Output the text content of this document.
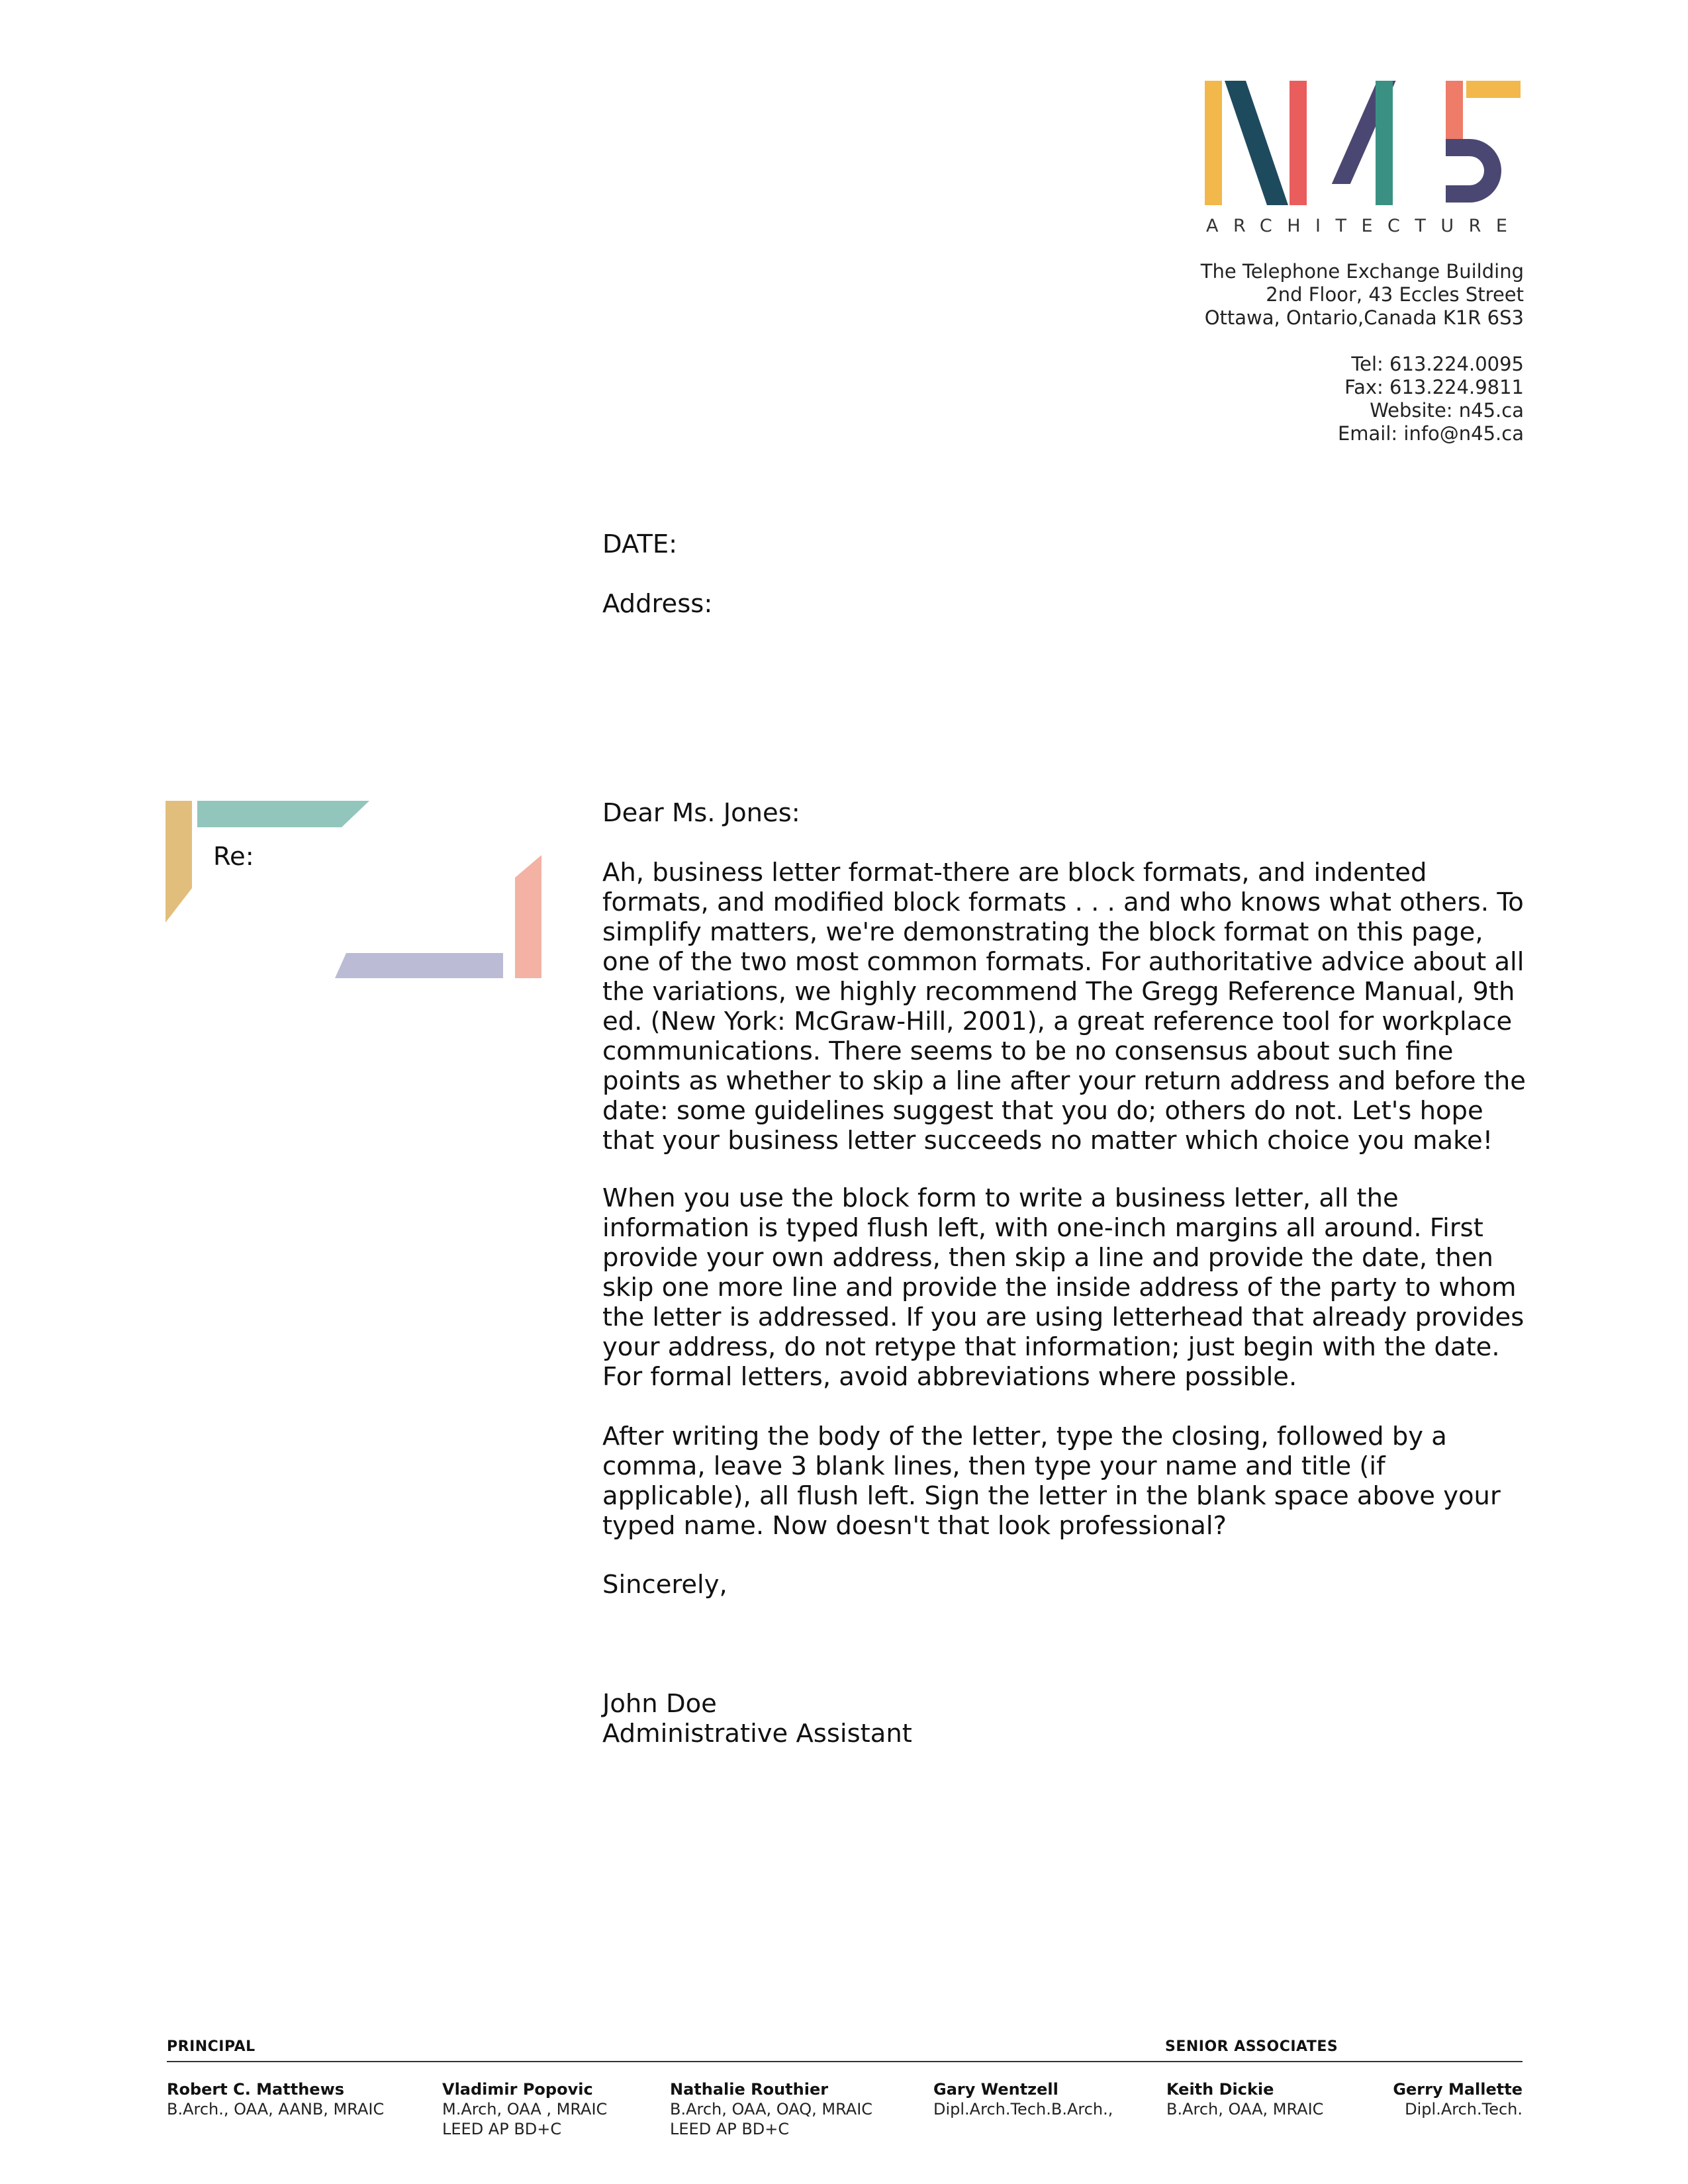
ARCHITECTURE
The Telephone Exchange Building
2nd Floor, 43 Eccles Street
Ottawa, Ontario,Canada K1R 6S3
Tel: 613.224.0095
Fax: 613.224.9811
Website: n45.ca
Email: info@n45.ca
Re:
DATE:
Address:
Dear Ms. Jones:
Ah, business letter format-there are block formats, and indented formats, and modified block formats . . . and who knows what others. To simplify matters, we're demonstrating the block format on this page, one of the two most common formats. For authoritative advice about all the variations, we highly recommend The Gregg Reference Manual, 9th ed. (New York: McGraw-Hill, 2001), a great reference tool for workplace communications. There seems to be no consensus about such fine points as whether to skip a line after your return address and before the date: some guidelines suggest that you do; others do not. Let's hope that your business letter succeeds no matter which choice you make!
When you use the block form to write a business letter, all the information is typed flush left, with one-inch margins all around. First provide your own address, then skip a line and provide the date, then skip one more line and provide the inside address of the party to whom the letter is addressed. If you are using letterhead that already provides your address, do not retype that information; just begin with the date. For formal letters, avoid abbreviations where possible.
After writing the body of the letter, type the closing, followed by a comma, leave 3 blank lines, then type your name and title (if applicable), all flush left. Sign the letter in the blank space above your typed name. Now doesn't that look professional?
Sincerely,
John Doe
Administrative Assistant
PRINCIPAL	SENIOR ASSOCIATES
Robert C. Matthews
B.Arch., OAA, AANB, MRAIC
Vladimir Popovic
M.Arch, OAA , MRAIC
LEED AP BD+C
Nathalie Routhier
B.Arch, OAA, OAQ, MRAIC
LEED AP BD+C
Gary Wentzell
Dipl.Arch.Tech.B.Arch.,
Keith Dickie
B.Arch, OAA, MRAIC
Gerry Mallette
Dipl.Arch.Tech.
